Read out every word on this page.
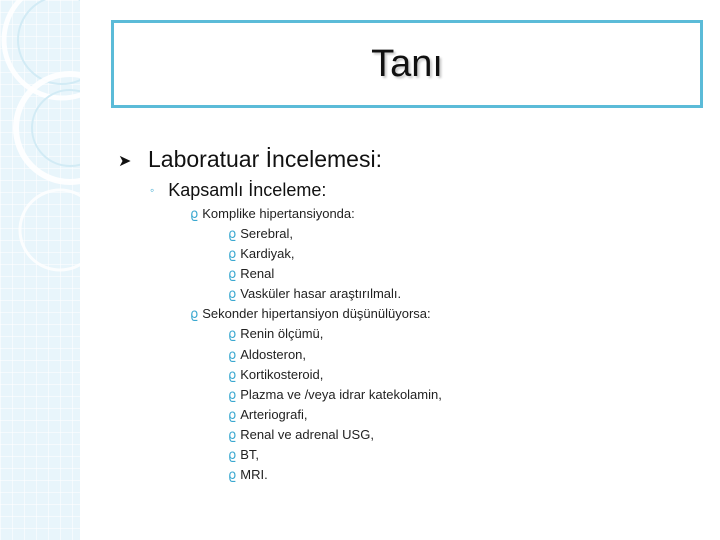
Tanı
➤ Laboratuar İncelemesi:
◦ Kapsamlı İnceleme:
ϱ Komplike hipertansiyonda:
ϱ Serebral,
ϱ Kardiyak,
ϱ Renal
ϱ Vasküler hasar araştırılmalı.
ϱ Sekonder hipertansiyon düşünülüyorsa:
ϱ Renin ölçümü,
ϱ Aldosteron,
ϱ Kortikosteroid,
ϱ Plazma ve /veya idrar katekolamin,
ϱ Arteriografi,
ϱ Renal ve adrenal USG,
ϱ BT,
ϱ MRI.
